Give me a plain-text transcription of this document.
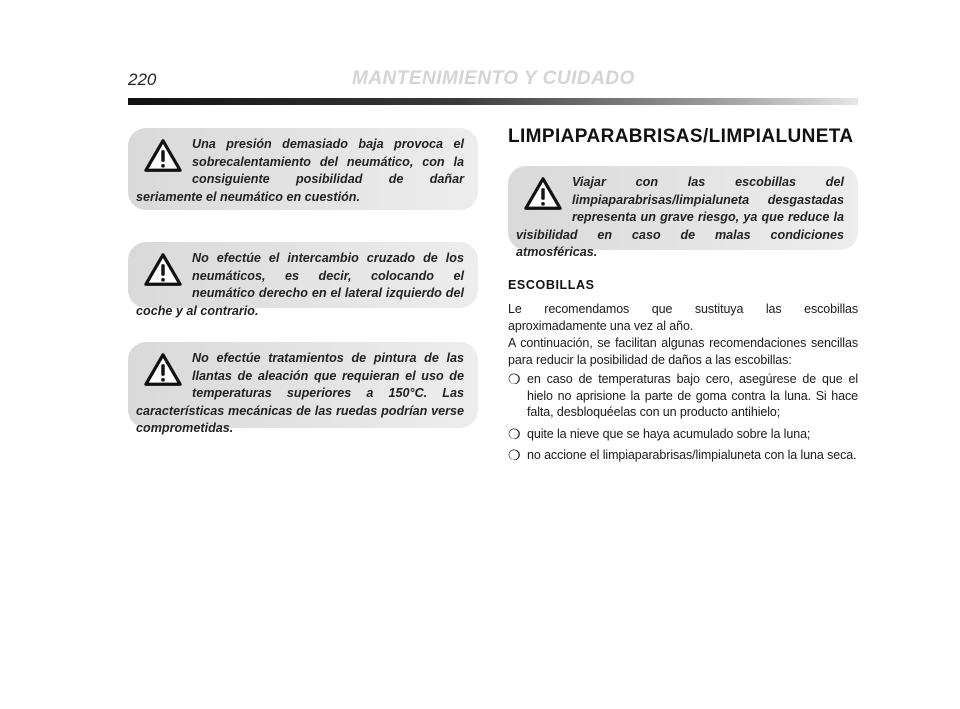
220	MANTENIMIENTO Y CUIDADO

Una presión demasiado baja provoca el sobrecalentamiento del neumático, con la consiguiente posibilidad de dañar seriamente el neumático en cuestión.

No efectúe el intercambio cruzado de los neumáticos, es decir, colocando el neumático derecho en el lateral izquierdo del coche y al contrario.

No efectúe tratamientos de pintura de las llantas de aleación que requieran el uso de temperaturas superiores a 150°C. Las características mecánicas de las ruedas podrían verse comprometidas.

LIMPIAPARABRISAS/LIMPIALUNETA

Viajar con las escobillas del limpiaparabrisas/limpialuneta desgastadas representa un grave riesgo, ya que reduce la visibilidad en caso de malas condiciones atmosféricas.

ESCOBILLAS

Le recomendamos que sustituya las escobillas aproximadamente una vez al año.

A continuación, se facilitan algunas recomendaciones sencillas para reducir la posibilidad de daños a las escobillas:

❍ en caso de temperaturas bajo cero, asegúrese de que el hielo no aprisione la parte de goma contra la luna. Si hace falta, desbloquéelas con un producto antihielo;
❍ quite la nieve que se haya acumulado sobre la luna;
❍ no accione el limpiaparabrisas/limpialuneta con la luna seca.
